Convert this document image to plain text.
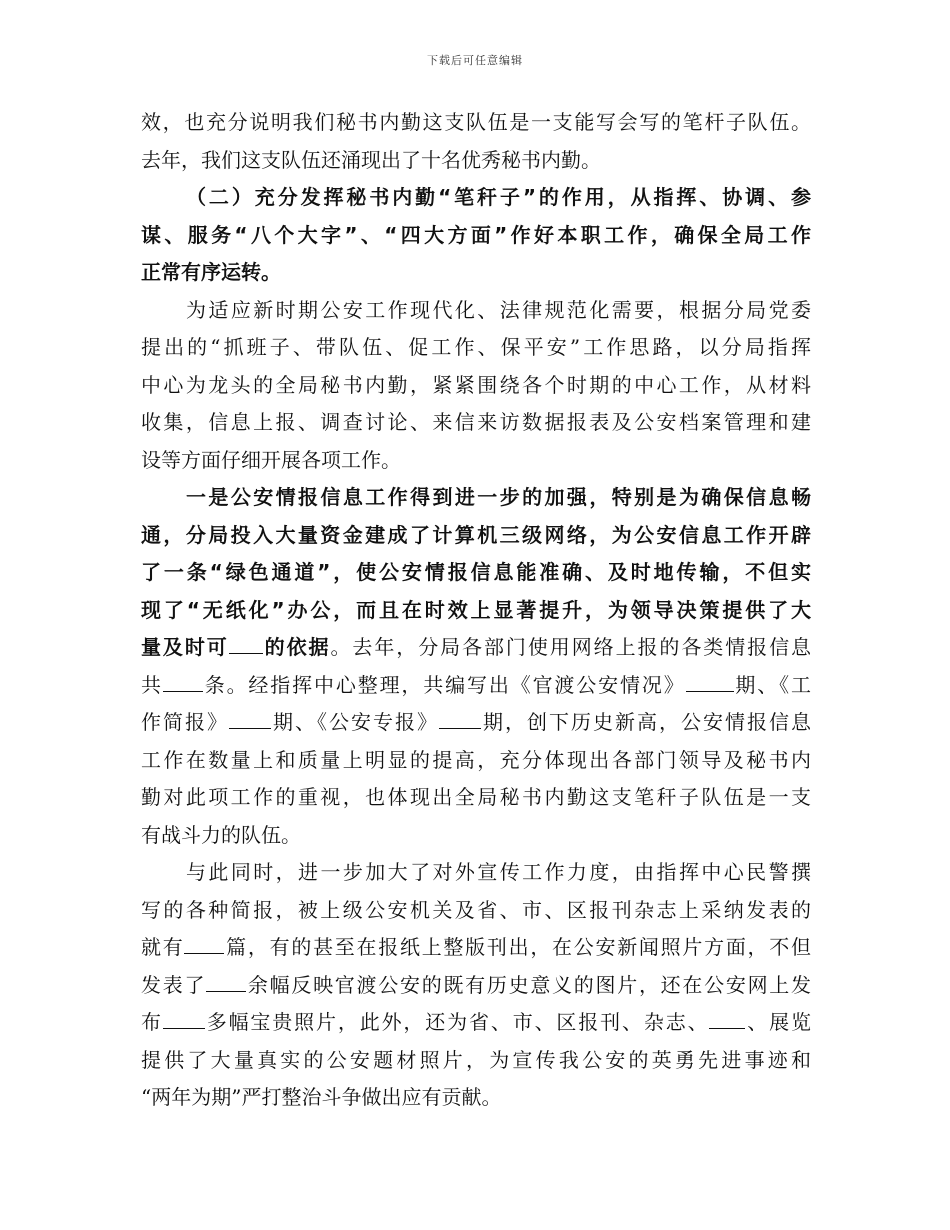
下载后可任意编辑
效，也充分说明我们秘书内勤这支队伍是一支能写会写的笔杆子队伍。
去年，我们这支队伍还涌现出了十名优秀秘书内勤。
（二）充分发挥秘书内勤“笔秆子”的作用，从指挥、协调、参
谋、服务“八个大字”、“四大方面”作好本职工作，确保全局工作
正常有序运转。
为适应新时期公安工作现代化、法律规范化需要，根据分局党委
提出的“抓班子、带队伍、促工作、保平安”工作思路，以分局指挥
中心为龙头的全局秘书内勤，紧紧围绕各个时期的中心工作，从材料
收集，信息上报、调查讨论、来信来访数据报表及公安档案管理和建
设等方面仔细开展各项工作。
一是公安情报信息工作得到进一步的加强，特别是为确保信息畅
通，分局投入大量资金建成了计算机三级网络，为公安信息工作开辟
了一条“绿色通道”，使公安情报信息能准确、及时地传输，不但实
现了“无纸化”办公，而且在时效上显著提升，为领导决策提供了大
量及时可 的依据。去年，分局各部门使用网络上报的各类情报信息
共 条。经指挥中心整理，共编写出《官渡公安情况》 期、《工
作简报》 期、《公安专报》 期，创下历史新高，公安情报信息
工作在数量上和质量上明显的提高，充分体现出各部门领导及秘书内
勤对此项工作的重视，也体现出全局秘书内勤这支笔秆子队伍是一支
有战斗力的队伍。
与此同时，进一步加大了对外宣传工作力度，由指挥中心民警撰
写的各种简报，被上级公安机关及省、市、区报刊杂志上采纳发表的
就有 篇，有的甚至在报纸上整版刊出，在公安新闻照片方面，不但
发表了 余幅反映官渡公安的既有历史意义的图片，还在公安网上发
布 多幅宝贵照片，此外，还为省、市、区报刊、杂志、 、展览
提供了大量真实的公安题材照片，为宣传我公安的英勇先进事迹和
“两年为期”严打整治斗争做出应有贡献。
